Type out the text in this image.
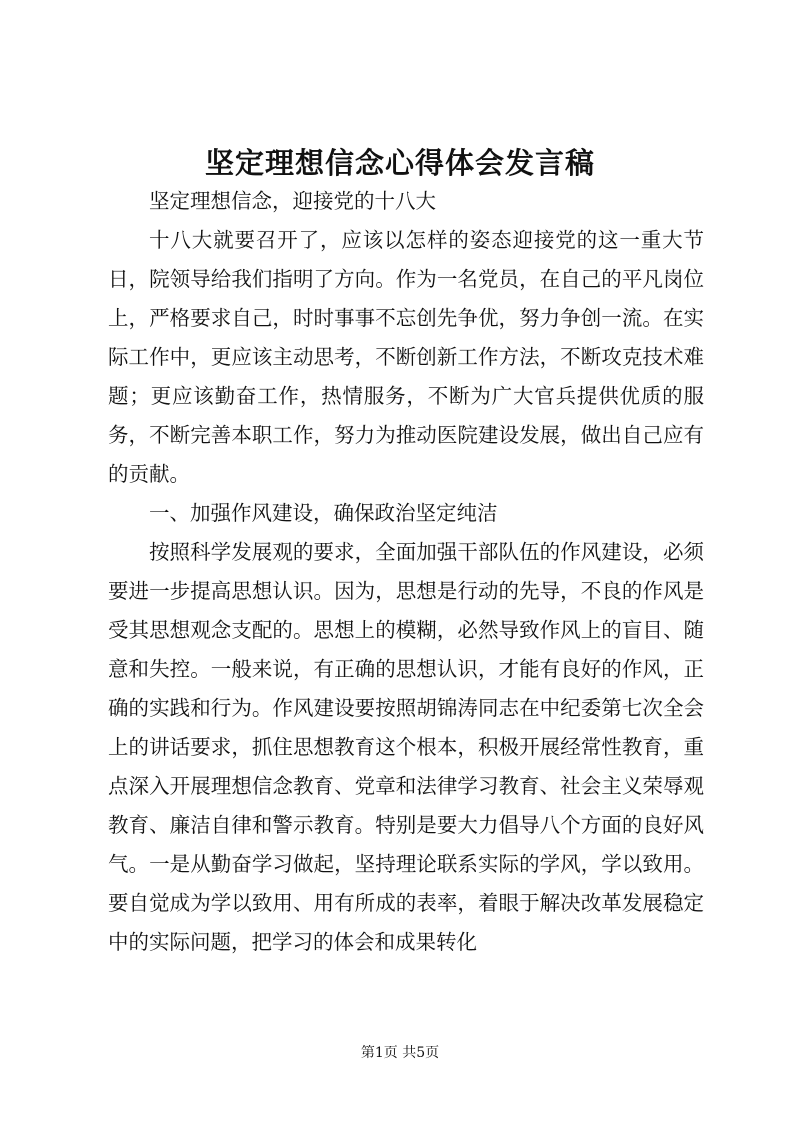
坚定理想信念心得体会发言稿

坚定理想信念，迎接党的十八大

十八大就要召开了，应该以怎样的姿态迎接党的这一重大节日，院领导给我们指明了方向。作为一名党员，在自己的平凡岗位上，严格要求自己，时时事事不忘创先争优，努力争创一流。在实际工作中，更应该主动思考，不断创新工作方法，不断攻克技术难题；更应该勤奋工作，热情服务，不断为广大官兵提供优质的服务，不断完善本职工作，努力为推动医院建设发展，做出自己应有的贡献。

一、加强作风建设，确保政治坚定纯洁

按照科学发展观的要求，全面加强干部队伍的作风建设，必须要进一步提高思想认识。因为，思想是行动的先导，不良的作风是受其思想观念支配的。思想上的模糊，必然导致作风上的盲目、随意和失控。一般来说，有正确的思想认识，才能有良好的作风，正确的实践和行为。作风建设要按照胡锦涛同志在中纪委第七次全会上的讲话要求，抓住思想教育这个根本，积极开展经常性教育，重点深入开展理想信念教育、党章和法律学习教育、社会主义荣辱观教育、廉洁自律和警示教育。特别是要大力倡导八个方面的良好风气。一是从勤奋学习做起，坚持理论联系实际的学风，学以致用。要自觉成为学以致用、用有所成的表率，着眼于解决改革发展稳定中的实际问题，把学习的体会和成果转化

第1页 共5页
